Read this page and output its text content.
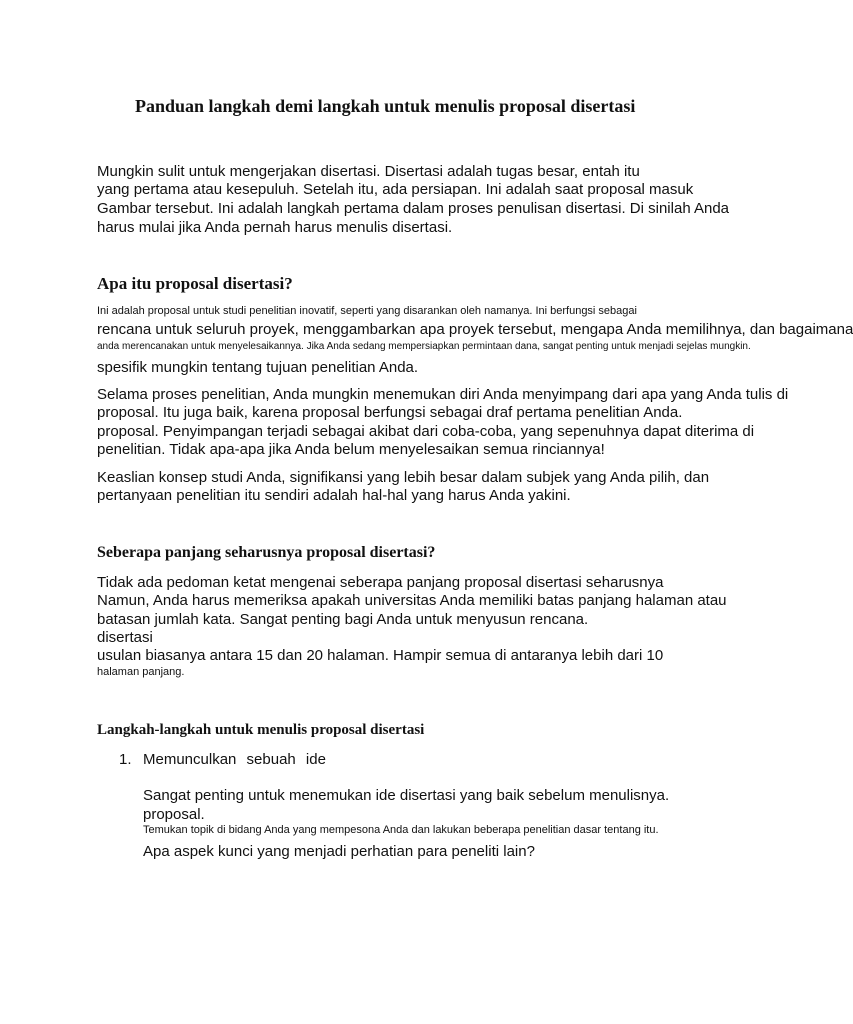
Panduan langkah demi langkah untuk menulis proposal disertasi

Mungkin sulit untuk mengerjakan disertasi. Disertasi adalah tugas besar, entah itu

yang pertama atau kesepuluh. Setelah itu, ada persiapan. Ini adalah saat proposal masuk

Gambar tersebut. Ini adalah langkah pertama dalam proses penulisan disertasi. Di sinilah Anda

harus mulai jika Anda pernah harus menulis disertasi.

Apa itu proposal disertasi?

Ini adalah proposal untuk studi penelitian inovatif, seperti yang disarankan oleh namanya. Ini berfungsi sebagai

rencana untuk seluruh proyek, menggambarkan apa proyek tersebut, mengapa Anda memilihnya, dan bagaimana

anda merencanakan untuk menyelesaikannya. Jika Anda sedang mempersiapkan permintaan dana, sangat penting untuk menjadi sejelas mungkin.

spesifik mungkin tentang tujuan penelitian Anda.

Selama proses penelitian, Anda mungkin menemukan diri Anda menyimpang dari apa yang Anda tulis di

proposal. Itu juga baik, karena proposal berfungsi sebagai draf pertama penelitian Anda.

proposal. Penyimpangan terjadi sebagai akibat dari coba-coba, yang sepenuhnya dapat diterima di

penelitian. Tidak apa-apa jika Anda belum menyelesaikan semua rinciannya!

Keaslian konsep studi Anda, signifikansi yang lebih besar dalam subjek yang Anda pilih, dan

pertanyaan penelitian itu sendiri adalah hal-hal yang harus Anda yakini.

Seberapa panjang seharusnya proposal disertasi?

Tidak ada pedoman ketat mengenai seberapa panjang proposal disertasi seharusnya

Namun, Anda harus memeriksa apakah universitas Anda memiliki batas panjang halaman atau

batasan jumlah kata. Sangat penting bagi Anda untuk menyusun rencana.

disertasi

usulan biasanya antara 15 dan 20 halaman. Hampir semua di antaranya lebih dari 10

halaman panjang.

Langkah-langkah untuk menulis proposal disertasi
1. Memunculkan sebuah ide

Sangat penting untuk menemukan ide disertasi yang baik sebelum menulisnya.

proposal.

Temukan topik di bidang Anda yang mempesona Anda dan lakukan beberapa penelitian dasar tentang itu.

Apa aspek kunci yang menjadi perhatian para peneliti lain?
